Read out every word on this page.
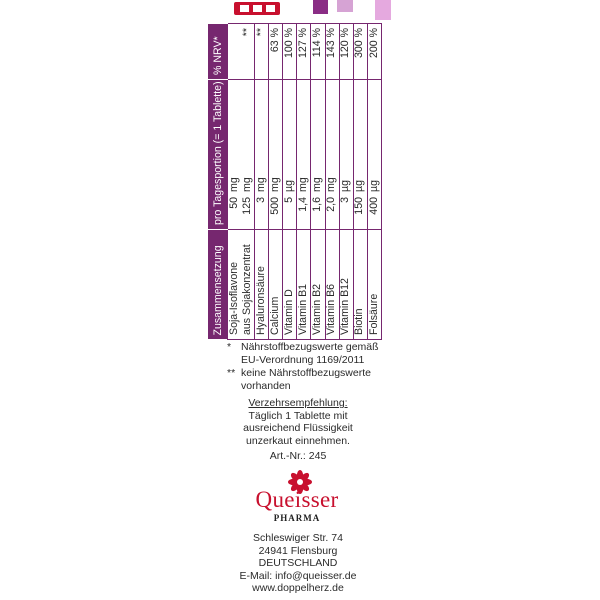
Zusammensetzung	pro Tagesportion (= 1 Tablette)	% NRV*
Soja-Isoflavone	50mg	
aus Sojakonzentrat	125mg	**
Hyaluronsäure	3mg	**
Calcium	500mg	63 %
Vitamin D	5µg	100 %
Vitamin B1	1,4mg	127 %
Vitamin B2	1,6mg	114 %
Vitamin B6	2,0mg	143 %
Vitamin B12	3µg	120 %
Biotin	150µg	300 %
Folsäure	400µg	200 %
* Nährstoffbezugswerte gemäß
EU-Verordnung 1169/2011
** keine Nährstoffbezugswerte
vorhanden
Verzehrsempfehlung:
Täglich 1 Tablette mit
ausreichend Flüssigkeit
unzerkaut einnehmen.
Art.-Nr.: 245
Queisser
PHARMA
Schleswiger Str. 74
24941 Flensburg
DEUTSCHLAND
E-Mail: info@queisser.de
www.doppelherz.de
